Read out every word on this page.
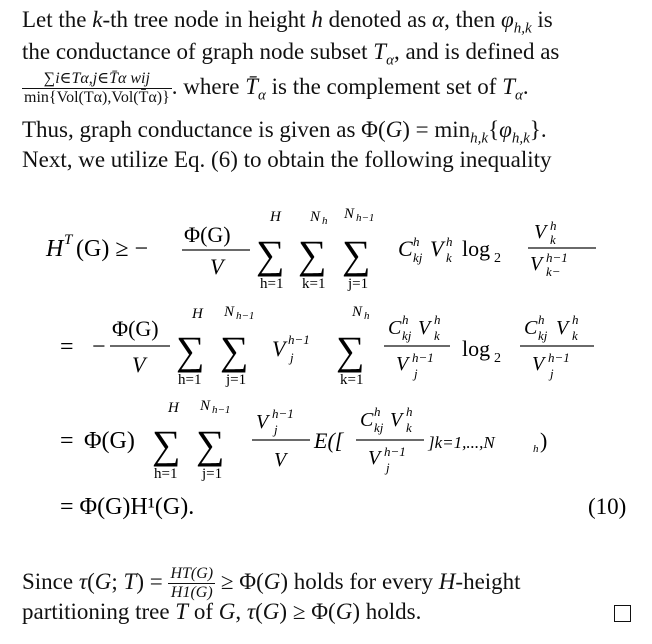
Let the k-th tree node in height h denoted as α, then $\varphi_{h,k}$ is
the conductance of graph node subset $T_\alpha$, and is defined as
$\frac{\text{∑i∈Tα,j∈T̄α wij}}{\text{min\{Vol(Tα),Vol(T̄α)\}}}$ . where $T̄_\alpha$ is the complement set of $T_\alpha$.
Thus, graph conductance is given as $\Phi(G) = \min_{h,k}\{\varphi_{h,k}\}$.
Next, we utilize Eq. (6) to obtain the following inequality
H T (G) ≥ −
Φ(G)
V
H
∑
h=1
N h
∑
k=1
N h−1
∑
j=1
C h
kj V h
k log 2
V h
k
V h−1
k−
= −
Φ(G)
V
H
∑
h=1
N h−1
∑
j=1
V h−1
j
N h
∑
k=1
C h
kj V h
k
V h−1
j
log 2
C h
kj V h
k
V h−1
j
= Φ(G)
H
∑
h=1
N h−1
∑
j=1
V h−1
j
V
E([
C h
kj V h
k
V h−1
j
]k=1,...,N	h )
= Φ(G)H¹(G).	(10)
Since τ(G; $T) = \frac{HT(G)}{H1(G)} \ge \Phi(G)$ holds for every H-height
partitioning tree T of G, τ(G) ≥ Φ(G) holds.
